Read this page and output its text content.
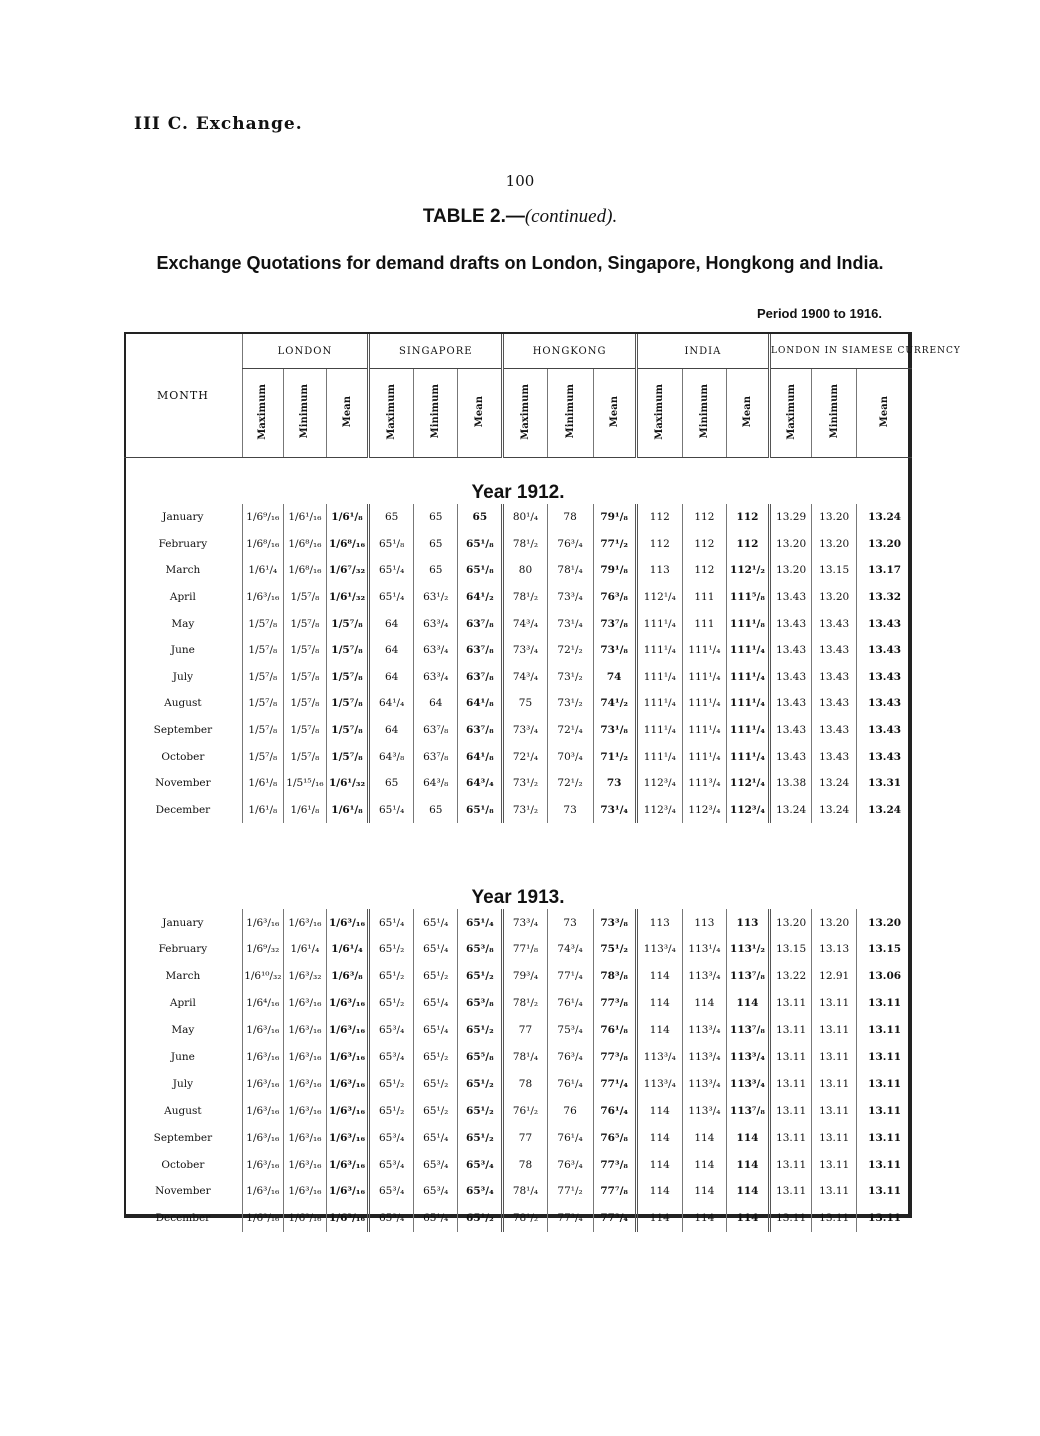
III C. Exchange.
100
TABLE 2.—(continued).
Exchange Quotations for demand drafts on London, Singapore, Hongkong and India.
Period 1900 to 1916.
MONTH	LONDON			SINGAPORE			HONGKONG			INDIA			LONDON IN SIAMESE CURRENCY		
	Maximum	Minimum	Mean	Maximum	Minimum	Mean	Maximum	Minimum	Mean	Maximum	Minimum	Mean	Maximum	Minimum	Mean
Year 1912.															
January	1/6⁹/₁₆	1/6¹/₁₆	1/6¹/₈	65	65	65	80¹/₄	78	79¹/₈	112	112	112	13.29	13.20	13.24
February	1/6⁸/₁₆	1/6⁸/₁₆	1/6⁸/₁₆	65¹/₈	65	65¹/₈	78¹/₂	76³/₄	77¹/₂	112	112	112	13.20	13.20	13.20
March	1/6¹/₄	1/6⁸/₁₆	1/6⁷/₃₂	65¹/₄	65	65¹/₈	80	78¹/₄	79¹/₈	113	112	112¹/₂	13.20	13.15	13.17
April	1/6³/₁₆	1/5⁷/₈	1/6¹/₃₂	65¹/₄	63¹/₂	64¹/₂	78¹/₂	73³/₄	76³/₈	112¹/₄	111	111⁵/₈	13.43	13.20	13.32
May	1/5⁷/₈	1/5⁷/₈	1/5⁷/₈	64	63³/₄	63⁷/₈	74³/₄	73¹/₄	73⁷/₈	111¹/₄	111	111¹/₈	13.43	13.43	13.43
June	1/5⁷/₈	1/5⁷/₈	1/5⁷/₈	64	63³/₄	63⁷/₈	73³/₄	72¹/₂	73¹/₈	111¹/₄	111¹/₄	111¹/₄	13.43	13.43	13.43
July	1/5⁷/₈	1/5⁷/₈	1/5⁷/₈	64	63³/₄	63⁷/₈	74³/₄	73¹/₂	74	111¹/₄	111¹/₄	111¹/₄	13.43	13.43	13.43
August	1/5⁷/₈	1/5⁷/₈	1/5⁷/₈	64¹/₄	64	64¹/₈	75	73¹/₂	74¹/₂	111¹/₄	111¹/₄	111¹/₄	13.43	13.43	13.43
September	1/5⁷/₈	1/5⁷/₈	1/5⁷/₈	64	63⁷/₈	63⁷/₈	73³/₄	72¹/₄	73¹/₈	111¹/₄	111¹/₄	111¹/₄	13.43	13.43	13.43
October	1/5⁷/₈	1/5⁷/₈	1/5⁷/₈	64³/₈	63⁷/₈	64¹/₈	72¹/₄	70³/₄	71¹/₂	111¹/₄	111¹/₄	111¹/₄	13.43	13.43	13.43
November	1/6¹/₈	1/5¹⁵/₁₆	1/6¹/₃₂	65	64³/₈	64³/₄	73¹/₂	72¹/₂	73	112³/₄	111³/₄	112¹/₄	13.38	13.24	13.31
December	1/6¹/₈	1/6¹/₈	1/6¹/₈	65¹/₄	65	65¹/₈	73¹/₂	73	73¹/₄	112³/₄	112³/₄	112³/₄	13.24	13.24	13.24

Year 1913.															
January	1/6³/₁₆	1/6³/₁₆	1/6³/₁₆	65¹/₄	65¹/₄	65¹/₄	73³/₄	73	73³/₈	113	113	113	13.20	13.20	13.20
February	1/6⁹/₃₂	1/6¹/₄	1/6¹/₄	65¹/₂	65¹/₄	65³/₈	77¹/₈	74³/₄	75¹/₂	113³/₄	113¹/₄	113¹/₂	13.15	13.13	13.15
March	1/6¹⁰/₃₂	1/6³/₃₂	1/6³/₈	65¹/₂	65¹/₂	65¹/₂	79³/₄	77¹/₄	78³/₈	114	113³/₄	113⁷/₈	13.22	12.91	13.06
April	1/6⁴/₁₆	1/6³/₁₆	1/6³/₁₆	65¹/₂	65¹/₄	65³/₈	78¹/₂	76¹/₄	77³/₈	114	114	114	13.11	13.11	13.11
May	1/6³/₁₆	1/6³/₁₆	1/6³/₁₆	65³/₄	65¹/₄	65¹/₂	77	75³/₄	76¹/₈	114	113³/₄	113⁷/₈	13.11	13.11	13.11
June	1/6³/₁₆	1/6³/₁₆	1/6³/₁₆	65³/₄	65¹/₂	65⁵/₈	78¹/₄	76³/₄	77³/₈	113³/₄	113³/₄	113³/₄	13.11	13.11	13.11
July	1/6³/₁₆	1/6³/₁₆	1/6³/₁₆	65¹/₂	65¹/₂	65¹/₂	78	76¹/₄	77¹/₄	113³/₄	113³/₄	113³/₄	13.11	13.11	13.11
August	1/6³/₁₆	1/6³/₁₆	1/6³/₁₆	65¹/₂	65¹/₂	65¹/₂	76¹/₂	76	76¹/₄	114	113³/₄	113⁷/₈	13.11	13.11	13.11
September	1/6³/₁₆	1/6³/₁₆	1/6³/₁₆	65³/₄	65¹/₄	65¹/₂	77	76¹/₄	76⁵/₈	114	114	114	13.11	13.11	13.11
October	1/6³/₁₆	1/6³/₁₆	1/6³/₁₆	65³/₄	65³/₄	65³/₄	78	76³/₄	77³/₈	114	114	114	13.11	13.11	13.11
November	1/6³/₁₆	1/6³/₁₆	1/6³/₁₆	65³/₄	65³/₄	65³/₄	78¹/₄	77¹/₂	77⁷/₈	114	114	114	13.11	13.11	13.11
December	1/6³/₁₆	1/6³/₁₆	1/6³/₁₆	65³/₄	65¹/₄	65¹/₂	78¹/₂	77³/₄	77³/₄	114	114	114	13.11	13.11	13.11
